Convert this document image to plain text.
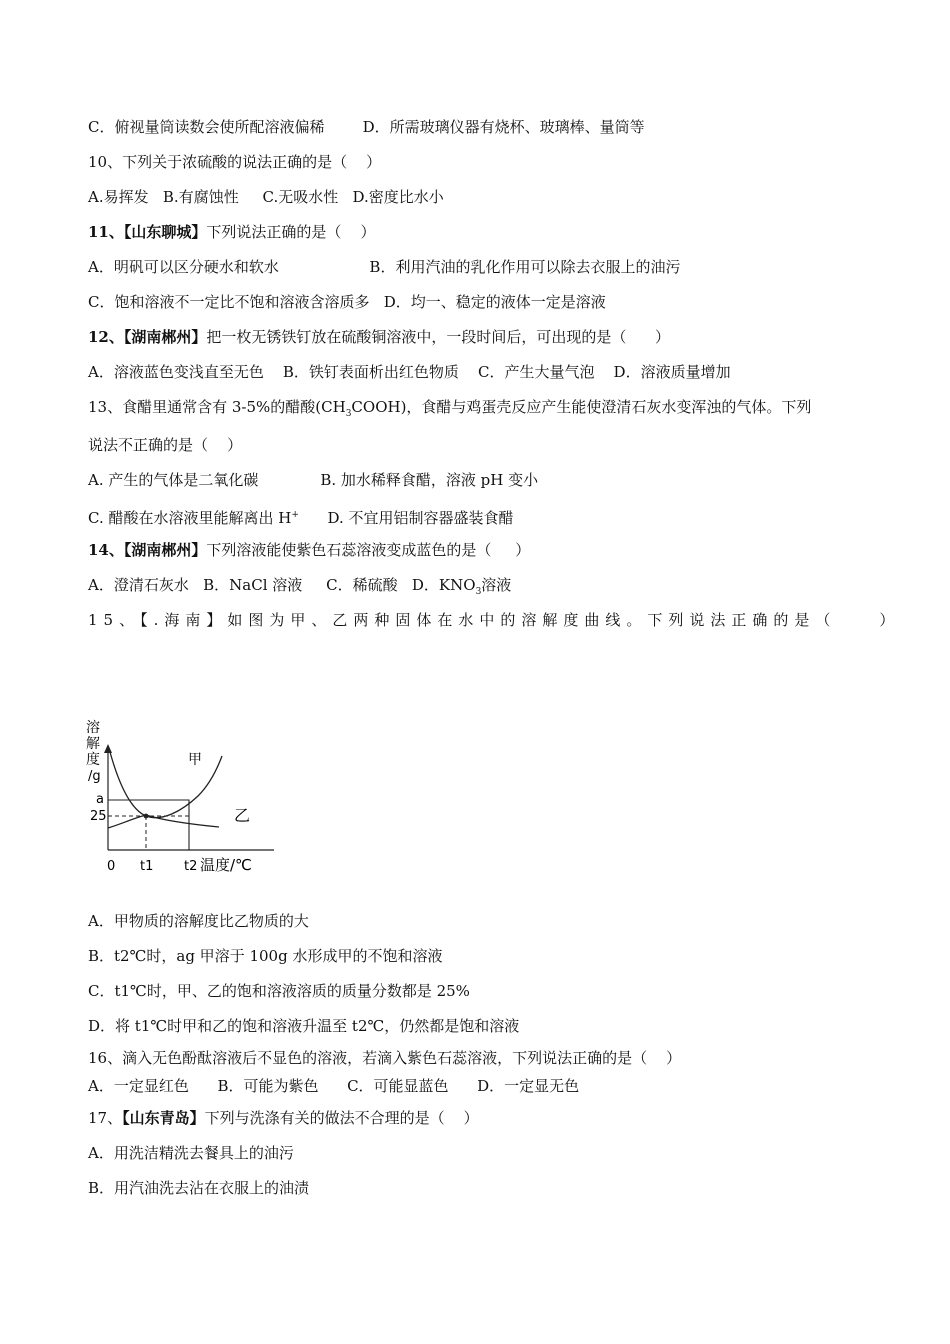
C．俯视量筒读数会使所配溶液偏稀        D．所需玻璃仪器有烧杯、玻璃棒、量筒等
10、下列关于浓硫酸的说法正确的是（    ）
A.易挥发   B.有腐蚀性     C.无吸水性   D.密度比水小
11、【山东聊城】下列说法正确的是（    ）
A．明矾可以区分硬水和软水                   B．利用汽油的乳化作用可以除去衣服上的油污
C．饱和溶液不一定比不饱和溶液含溶质多   D．均一、稳定的液体一定是溶液
12、【湖南郴州】把一枚无锈铁钉放在硫酸铜溶液中，一段时间后，可出现的是（      ）
A．溶液蓝色变浅直至无色    B．铁钉表面析出红色物质    C．产生大量气泡    D．溶液质量增加
13、食醋里通常含有 3-5%的醋酸$(CH_3COOH)$，食醋与鸡蛋壳反应产生能使澄清石灰水变浑浊的气体。下列
说法不正确的是（    ）
A. 产生的气体是二氧化碳             B. 加水稀释食醋，溶液 pH 变小
C. 醋酸在水溶液里能解离出 H+      D. 不宜用铝制容器盛装食醋
14、【湖南郴州】下列溶液能使紫色石蕊溶液变成蓝色的是（     ）
A．澄清石灰水   B．NaCl 溶液     C．稀硫酸   D．$KNO_3$溶液
15、【.海南】如图为甲、乙两种固体在水中的溶解度曲线。下列说法正确的是（    ）
溶
解
度
/g
a
25
甲
乙
0 t1 t2 温度/℃
A．甲物质的溶解度比乙物质的大
B．t2℃时，ag 甲溶于 100g 水形成甲的不饱和溶液
C．t1℃时，甲、乙的饱和溶液溶质的质量分数都是 25%
D．将 t1℃时甲和乙的饱和溶液升温至 t2℃，仍然都是饱和溶液
16、滴入无色酚酞溶液后不显色的溶液，若滴入紫色石蕊溶液，下列说法正确的是（    ）
A．一定显红色      B．可能为紫色      C．可能显蓝色      D．一定显无色
17、【山东青岛】下列与洗涤有关的做法不合理的是（    ）
A．用洗洁精洗去餐具上的油污
B．用汽油洗去沾在衣服上的油渍
